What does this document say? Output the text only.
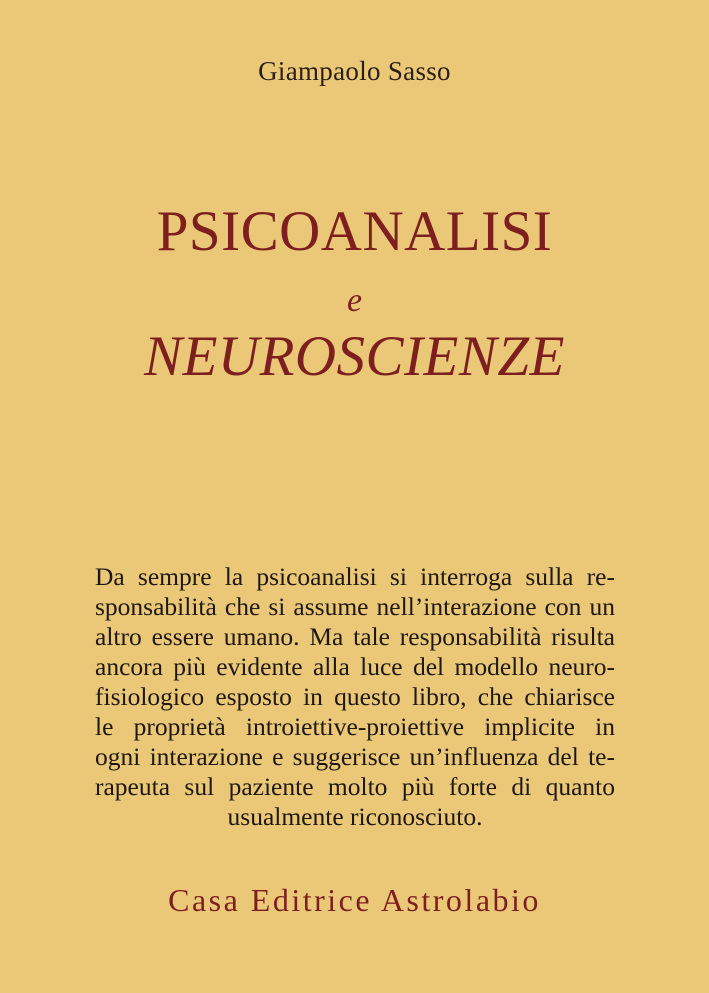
Giampaolo Sasso
PSICOANALISI
e
NEUROSCIENZE
Da sempre la psicoanalisi si interroga sulla re-
sponsabilità che si assume nell’interazione con un
altro essere umano. Ma tale responsabilità risulta
ancora più evidente alla luce del modello neuro-
fisiologico esposto in questo libro, che chiarisce
le proprietà introiettive-proiettive implicite in
ogni interazione e suggerisce un’influenza del te-
rapeuta sul paziente molto più forte di quanto
usualmente riconosciuto.
Casa Editrice Astrolabio
